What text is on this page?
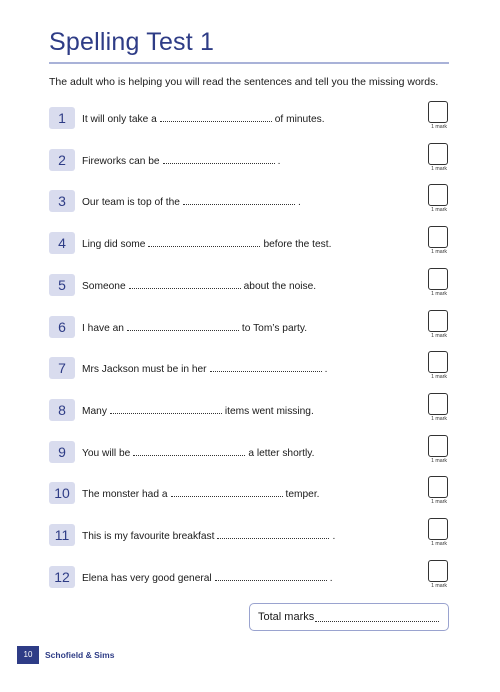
Spelling Test 1
The adult who is helping you will read the sentences and tell you the missing words.
1	It will only take a	of minutes.
1 mark
2	Fireworks can be	.
1 mark
3	Our team is top of the	.
1 mark
4	Ling did some	before the test.
1 mark
5	Someone	about the noise.
1 mark
6	I have an	to Tom’s party.
1 mark
7	Mrs Jackson must be in her	.
1 mark
8	Many	items went missing.
1 mark
9	You will be	a letter shortly.
1 mark
10	The monster had a	temper.
1 mark
11	This is my favourite breakfast	.
1 mark
12	Elena has very good general	.
1 mark
Total marks
10	Schofield & Sims
